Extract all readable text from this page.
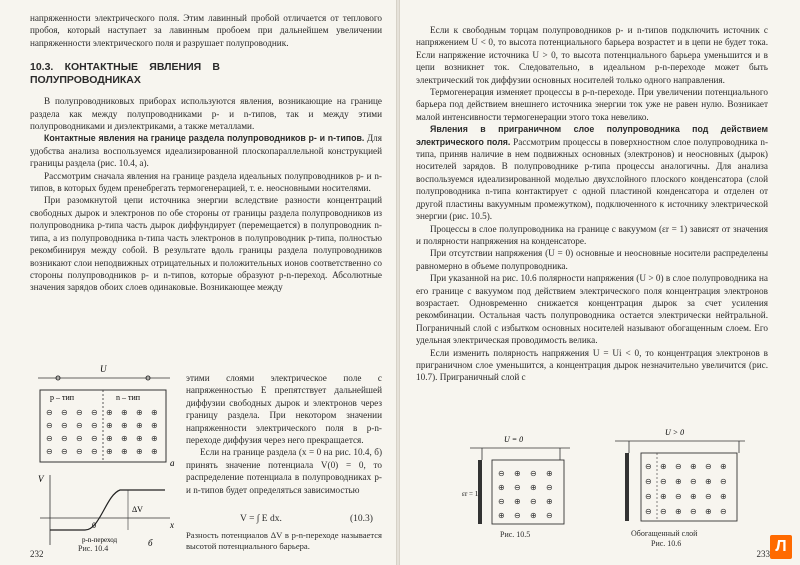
напряженности электрического поля. Этим лавинный пробой отличается от теплового пробоя, который наступает за лавинным пробоем при дальнейшем увеличении напряженности электрического поля и разрушает полупроводник.

10.3. КОНТАКТНЫЕ ЯВЛЕНИЯ В ПОЛУПРОВОДНИКАХ

В полупроводниковых приборах используются явления, возникающие на границе раздела как между полупроводниками p- и n-типов, так и между этими полупроводниками и диэлектриками, а также металлами.

Контактные явления на границе раздела полупроводников p- и n-типов. Для удобства анализа воспользуемся идеализированной плоскопараллельной конструкцией границы раздела (рис. 10.4, а).

Рассмотрим сначала явления на границе раздела идеальных полупроводников p- и n-типов, в которых будем пренебрегать термогенерацией, т. е. неосновными носителями.

При разомкнутой цепи источника энергии вследствие разности концентраций свободных дырок и электронов по обе стороны от границы раздела полупроводников из полупроводника p-типа часть дырок диффундирует (перемещается) в полупроводник n-типа, а из полупроводника n-типа часть электронов в полупроводник p-типа, полностью рекомбинируя между собой. В результате вдоль границы раздела полупроводников возникают слои неподвижных отрицательных и положительных ионов соответственно со стороны полупроводников p- и n-типов, которые образуют p-n-переход. Абсолютные значения зарядов обоих слоев одинаковые. Возникающее между

U
p – тип	n – тип
⊖ ⊖ ⊖ ⊖ ⊕ ⊕ ⊕ ⊕
⊖ ⊖ ⊖ ⊖ ⊕ ⊕ ⊕ ⊕
⊖ ⊖ ⊖ ⊖ ⊕ ⊕ ⊕ ⊕
⊖ ⊖ ⊖ ⊖ ⊕ ⊕ ⊕ ⊕
а
V
x
ΔV
0
p-n-переход	б
Рис. 10.4

этими слоями электрическое поле с напряженностью E препятствует дальнейшей диффузии свободных дырок и электронов через границу раздела. При некотором значении напряженности электрического поля в p-n-переходе диффузия через него прекращается.

Если на границе раздела (x = 0 на рис. 10.4, б) принять значение потенциала V(0) = 0, то распределение потенциала в полупроводниках p- и n-типов будет определяться зависимостью

V = ∫ E dx.	(10.3)
Разность потенциалов ΔV в p-n-переходе называется высотой потенциального барьера.
232

Если к свободным торцам полупроводников p- и n-типов подключить источник с напряжением U < 0, то высота потенциального барьера возрастет и в цепи не будет тока. Если напряжение источника U > 0, то высота потенциального барьера уменьшится и в цепи возникнет ток. Следовательно, в идеальном p-n-переходе может быть электрический ток диффузии основных носителей только одного направления.

Термогенерация изменяет процессы в p-n-переходе. При увеличении потенциального барьера под действием внешнего источника энергии ток уже не равен нулю. Возникает малой интенсивности термогенерации этого тока невелико.

Явления в приграничном слое полупроводника под действием электрического поля. Рассмотрим процессы в поверхностном слое полупроводника n-типа, приняв наличие в нем подвижных основных (электронов) и неосновных (дырок) носителей зарядов. В полупроводнике p-типа процессы аналогичны. Для анализа воспользуемся идеализированной моделью двухслойного плоского конденсатора (слой полупроводника n-типа контактирует с одной пластиной конденсатора и отделен от другой пластины вакуумным промежутком), подключенного к источнику электрической энергии (рис. 10.5).

Процессы в слое полупроводника на границе с вакуумом (εr = 1) зависят от значения и полярности напряжения на конденсаторе.

При отсутствии напряжения (U = 0) основные и неосновные носители распределены равномерно в объеме полупроводника.

При указанной на рис. 10.6 полярности напряжения (U > 0) в слое полупроводника на его границе с вакуумом под действием электрического поля концентрация электронов возрастает. Одновременно снижается концентрация дырок за счет усиления рекомбинации. Остальная часть полупроводника остается электрически нейтральной. Пограничный слой с избытком основных носителей называют обогащенным слоем. Его удельная электрическая проводимость велика.

Если изменить полярность напряжения U = Ui < 0, то концентрация электронов в приграничном слое уменьшится, а концентрация дырок незначительно увеличится (рис. 10.7). Приграничный слой с

U = 0
εr = 1
⊖ ⊕ ⊖ ⊕
⊕ ⊖ ⊕ ⊖
⊖ ⊕ ⊖ ⊕
⊕ ⊖ ⊕ ⊖
Рис. 10.5
U > 0
⊖ ⊕ ⊖ ⊕ ⊖ ⊕
⊖ ⊖ ⊕ ⊖ ⊕ ⊖
⊖ ⊕ ⊖ ⊕ ⊖ ⊕
⊖ ⊖ ⊕ ⊖ ⊕ ⊖
Обогащенный слой
Рис. 10.6
233 Л
